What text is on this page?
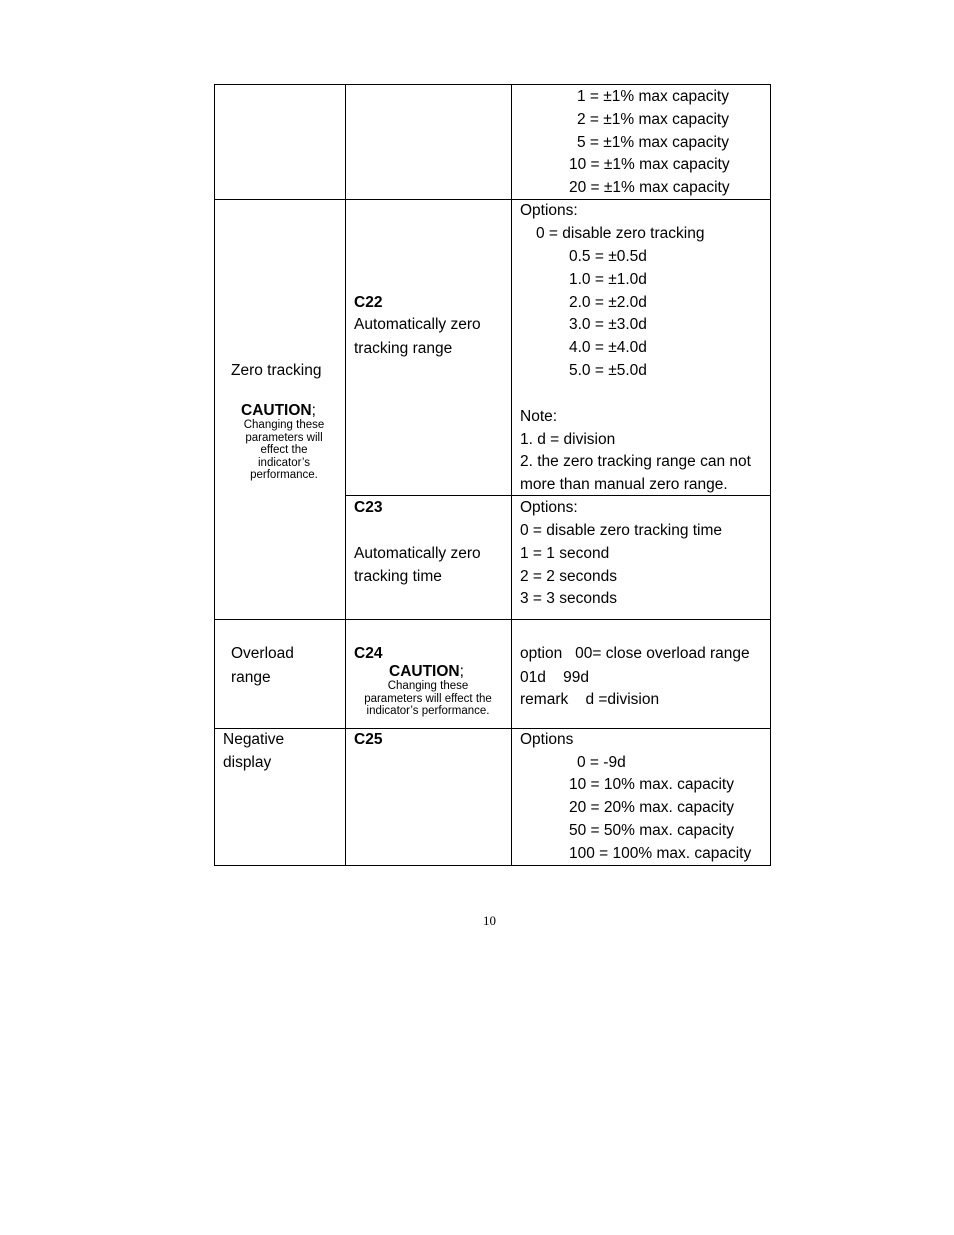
1 = ±1% max capacity
2 = ±1% max capacity
5 = ±1% max capacity
10 = ±1% max capacity
20 = ±1% max capacity
Zero tracking
CAUTION;
Changing these
parameters will
effect the
indicator’s
performance.
C22
Automatically zero
tracking range
Options:
0 = disable zero tracking
0.5 = ±0.5d
1.0 = ±1.0d
2.0 = ±2.0d
3.0 = ±3.0d
4.0 = ±4.0d
5.0 = ±5.0d
Note:
1. d = division
2. the zero tracking range can not
more than manual zero range.
C23
Automatically zero
tracking time
Options:
0 = disable zero tracking time
1 = 1 second
2 = 2 seconds
3 = 3 seconds
Overload
range
C24
CAUTION;
Changing these
parameters will effect the
indicator’s performance.
option   00= close overload range
01d    99d
remark    d =division
Negative
display
C25	Options
0 = -9d
10 = 10% max. capacity
20 = 20% max. capacity
50 = 50% max. capacity
100 = 100% max. capacity
10
